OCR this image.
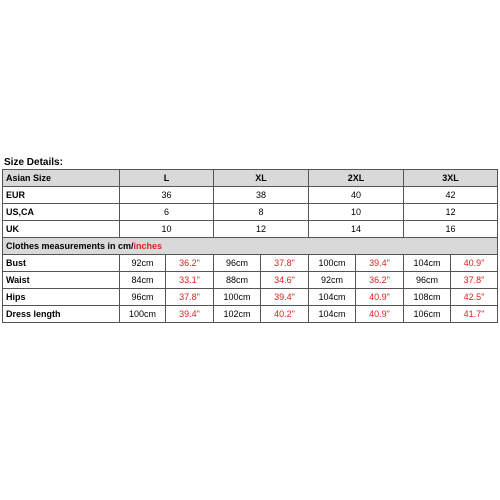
Size Details:
Asian Size	L		XL		2XL		3XL	
EUR	36		38		40		42	
US,CA	6		8		10		12	
UK	10		12		14		16	
Clothes measurements in cm/inches								
Bust	92cm	36.2"	96cm	37.8"	100cm	39.4"	104cm	40.9"
Waist	84cm	33.1"	88cm	34.6"	92cm	36.2"	96cm	37.8"
Hips	96cm	37.8"	100cm	39.4"	104cm	40.9"	108cm	42.5"
Dress length	100cm	39.4"	102cm	40.2"	104cm	40.9"	106cm	41.7"
